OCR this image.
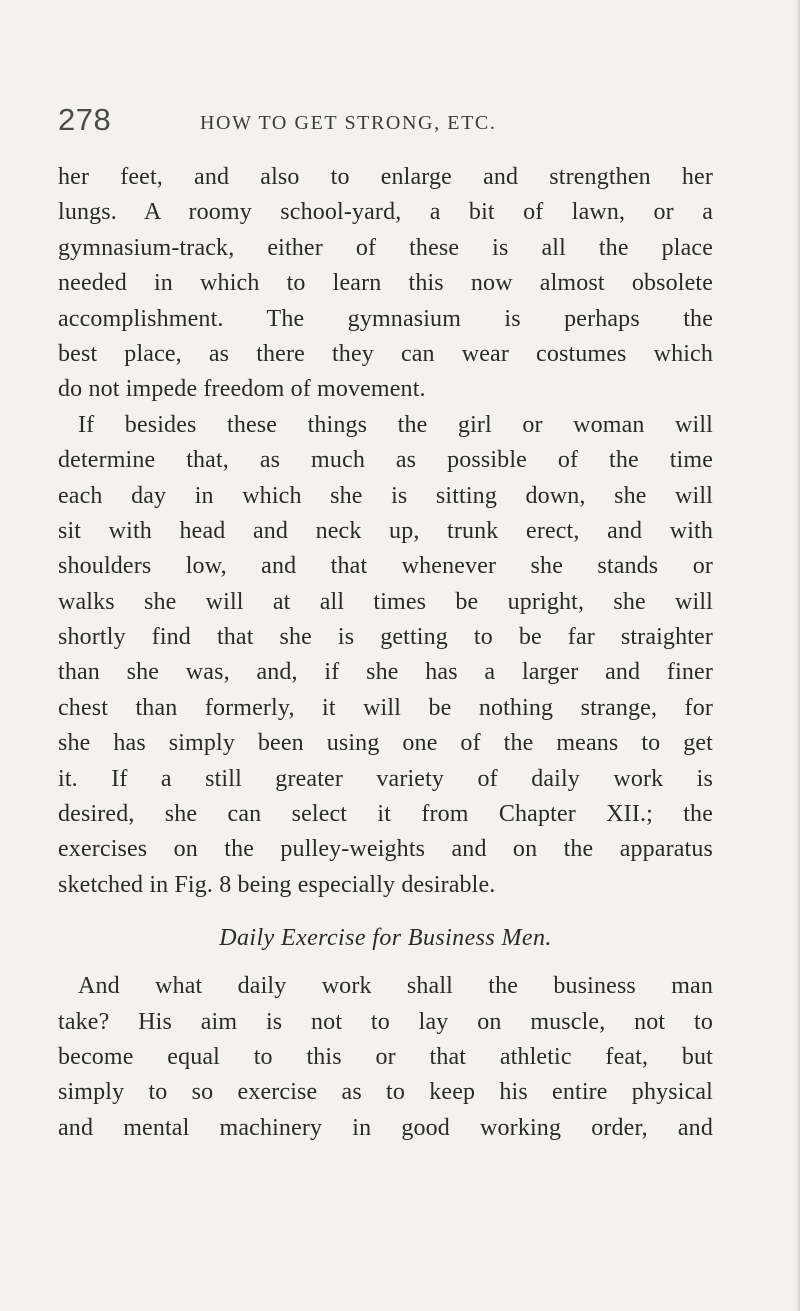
278	HOW TO GET STRONG, ETC.
her feet, and also to enlarge and strengthen her
lungs. A roomy school-yard, a bit of lawn, or a
gymnasium-track, either of these is all the place
needed in which to learn this now almost obsolete
accomplishment. The gymnasium is perhaps the
best place, as there they can wear costumes which
do not impede freedom of movement.
If besides these things the girl or woman will
determine that, as much as possible of the time
each day in which she is sitting down, she will
sit with head and neck up, trunk erect, and with
shoulders low, and that whenever she stands or
walks she will at all times be upright, she will
shortly find that she is getting to be far straighter
than she was, and, if she has a larger and finer
chest than formerly, it will be nothing strange, for
she has simply been using one of the means to get
it. If a still greater variety of daily work is
desired, she can select it from Chapter XII.; the
exercises on the pulley-weights and on the apparatus
sketched in Fig. 8 being especially desirable.
Daily Exercise for Business Men.
And what daily work shall the business man
take? His aim is not to lay on muscle, not to
become equal to this or that athletic feat, but
simply to so exercise as to keep his entire physical
and mental machinery in good working order, and
